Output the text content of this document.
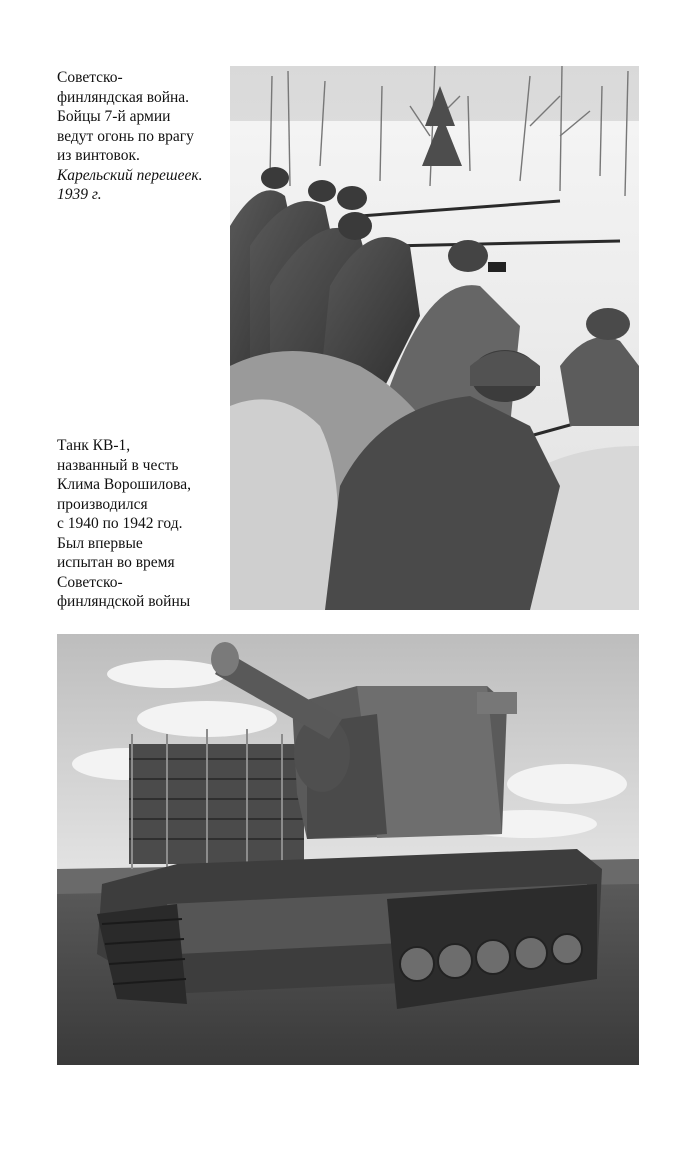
Советско-
финляндская война.
Бойцы 7-й армии
ведут огонь по врагу
из винтовок.
Карельский перешеек.
1939 г.
Танк КВ-1,
названный в честь
Клима Ворошилова,
производился
с 1940 по 1942 год.
Был впервые
испытан во время
Советско-
финляндской войны
